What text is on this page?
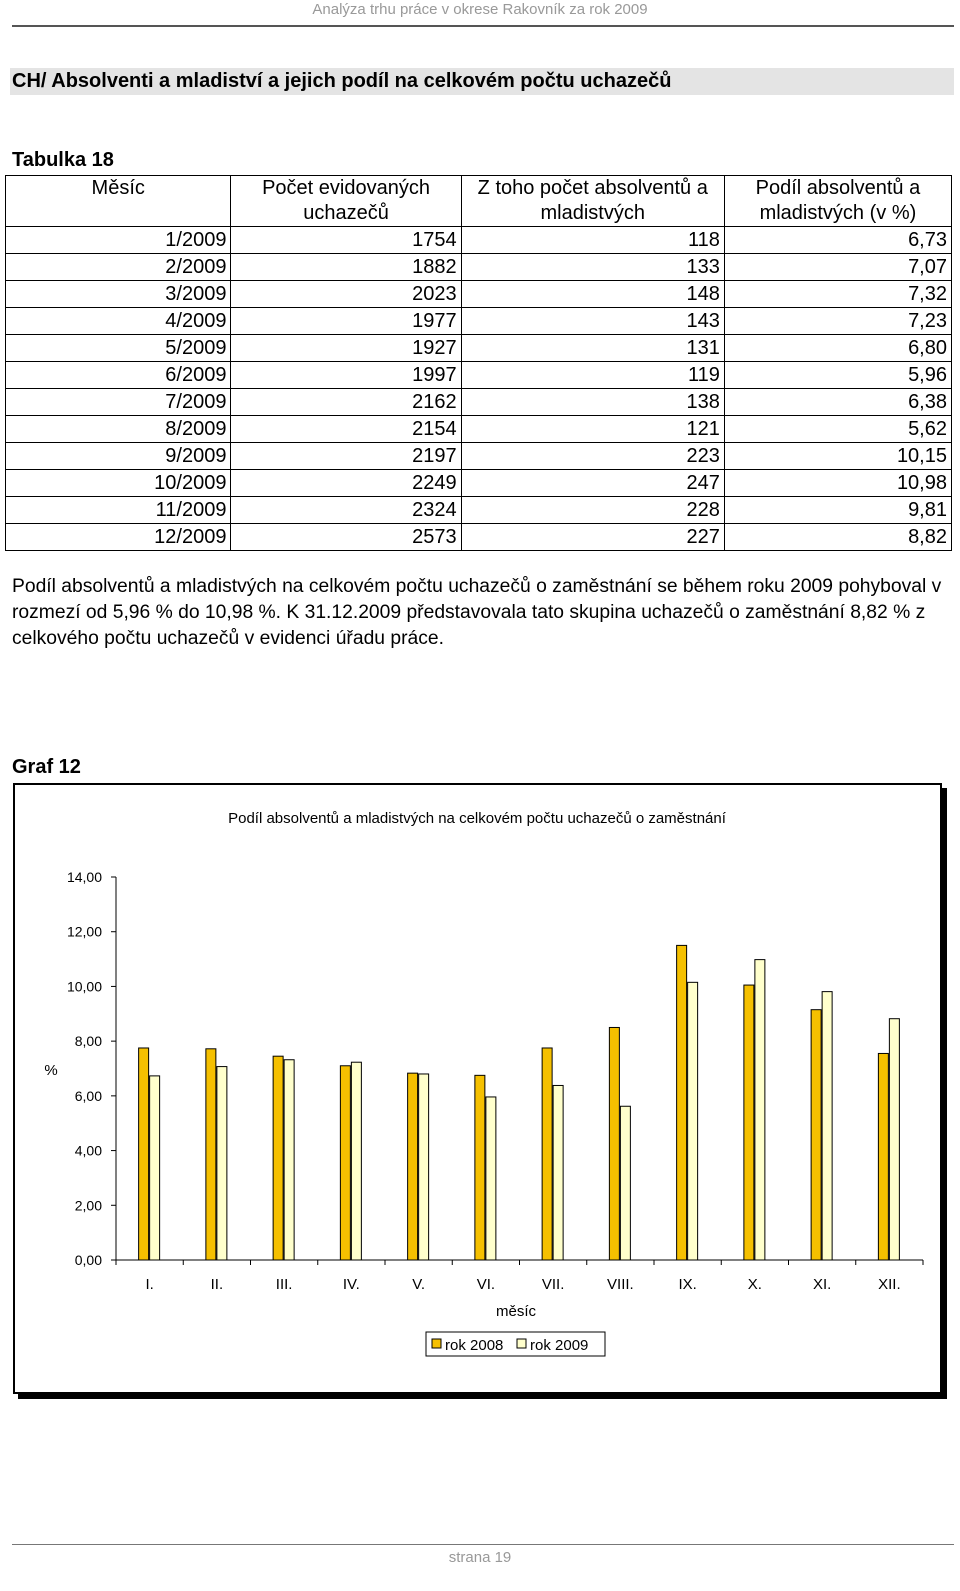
Analýza trhu práce v okrese Rakovník za rok 2009
CH/ Absolventi a mladiství a jejich podíl na celkovém počtu uchazečů
Tabulka 18
Měsíc	Počet evidovaných uchazečů	Z toho počet absolventů a mladistvých	Podíl absolventů a mladistvých (v %)
1/2009	1754	118	6,73
2/2009	1882	133	7,07
3/2009	2023	148	7,32
4/2009	1977	143	7,23
5/2009	1927	131	6,80
6/2009	1997	119	5,96
7/2009	2162	138	6,38
8/2009	2154	121	5,62
9/2009	2197	223	10,15
10/2009	2249	247	10,98
11/2009	2324	228	9,81
12/2009	2573	227	8,82
Podíl absolventů a mladistvých na celkovém počtu uchazečů o zaměstnání se během roku 2009 pohyboval v rozmezí od 5,96 % do 10,98 %. K 31.12.2009 představovala tato skupina uchazečů o zaměstnání 8,82 % z celkového počtu uchazečů v evidenci úřadu práce.
Graf 12
Podíl absolventů a mladistvých na celkovém počtu uchazečů o zaměstnání
%
měsíc
0,00
2,00
4,00
6,00
8,00
10,00
12,00
14,00
I.	II.	III.	IV.	V.	VI.	VII.	VIII.	IX.	X.	XI.	XII.
rok 2008 rok 2009
strana 19
